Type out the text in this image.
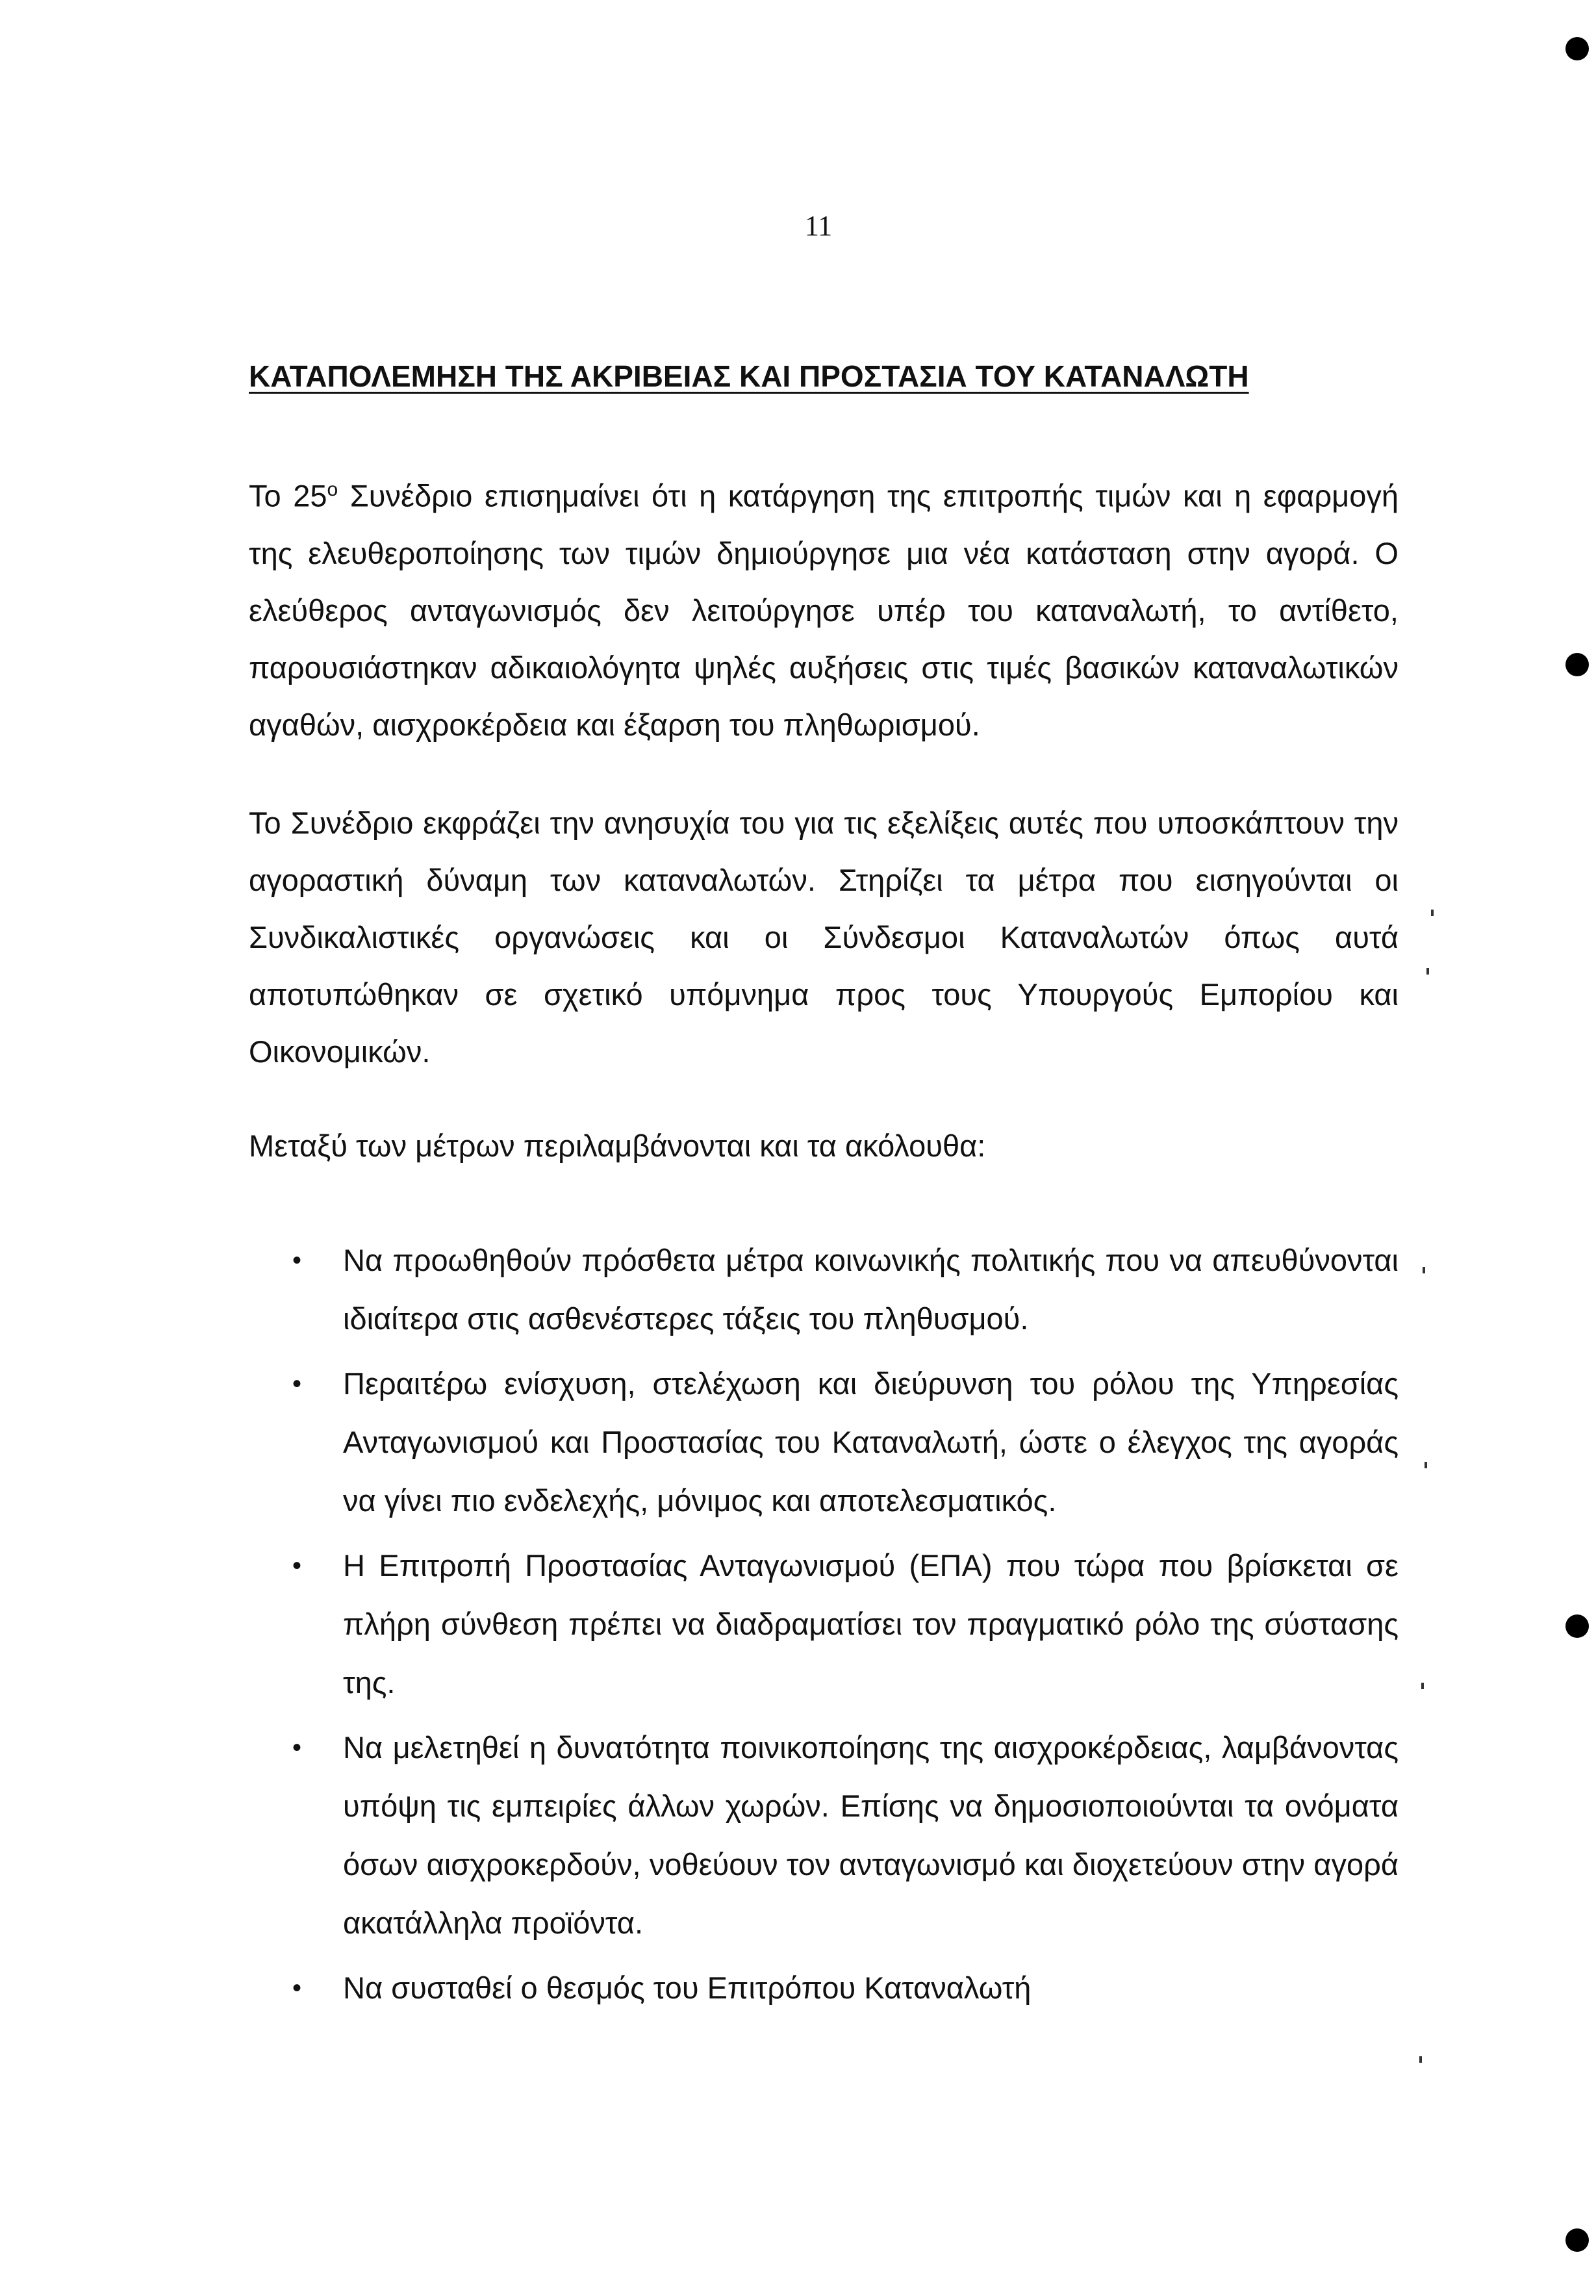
11
ΚΑΤΑΠΟΛΕΜΗΣΗ ΤΗΣ ΑΚΡΙΒΕΙΑΣ ΚΑΙ ΠΡΟΣΤΑΣΙΑ ΤΟΥ ΚΑΤΑΝΑΛΩΤΗ

Το $25^o$ Συνέδριο επισημαίνει ότι η κατάργηση της επιτροπής τιμών και η εφαρμογή της ελευθεροποίησης των τιμών δημιούργησε μια νέα κατάσταση στην αγορά. Ο ελεύθερος ανταγωνισμός δεν λειτούργησε υπέρ του καταναλωτή, το αντίθετο, παρουσιάστηκαν αδικαιολόγητα ψηλές αυξήσεις στις τιμές βασικών καταναλωτικών αγαθών, αισχροκέρδεια και έξαρση του πληθωρισμού.

Το Συνέδριο εκφράζει την ανησυχία του για τις εξελίξεις αυτές που υποσκάπτουν την αγοραστική δύναμη των καταναλωτών. Στηρίζει τα μέτρα που εισηγούνται οι Συνδικαλιστικές οργανώσεις και οι Σύνδεσμοι Καταναλωτών όπως αυτά αποτυπώθηκαν σε σχετικό υπόμνημα προς τους Υπουργούς Εμπορίου και Οικονομικών.

Μεταξύ των μέτρων περιλαμβάνονται και τα ακόλουθα:

• Να προωθηθούν πρόσθετα μέτρα κοινωνικής πολιτικής που να απευθύνονται ιδιαίτερα στις ασθενέστερες τάξεις του πληθυσμού.
• Περαιτέρω ενίσχυση, στελέχωση και διεύρυνση του ρόλου της Υπηρεσίας Ανταγωνισμού και Προστασίας του Καταναλωτή, ώστε ο έλεγχος της αγοράς να γίνει πιο ενδελεχής, μόνιμος και αποτελεσματικός.
• Η Επιτροπή Προστασίας Ανταγωνισμού (ΕΠΑ) που τώρα που βρίσκεται σε πλήρη σύνθεση πρέπει να διαδραματίσει τον πραγματικό ρόλο της σύστασης της.
• Να μελετηθεί η δυνατότητα ποινικοποίησης της αισχροκέρδειας, λαμβάνοντας υπόψη τις εμπειρίες άλλων χωρών. Επίσης να δημοσιοποιούνται τα ονόματα όσων αισχροκερδούν, νοθεύουν τον ανταγωνισμό και διοχετεύουν στην αγορά ακατάλληλα προϊόντα.
• Να συσταθεί ο θεσμός του Επιτρόπου Καταναλωτή
